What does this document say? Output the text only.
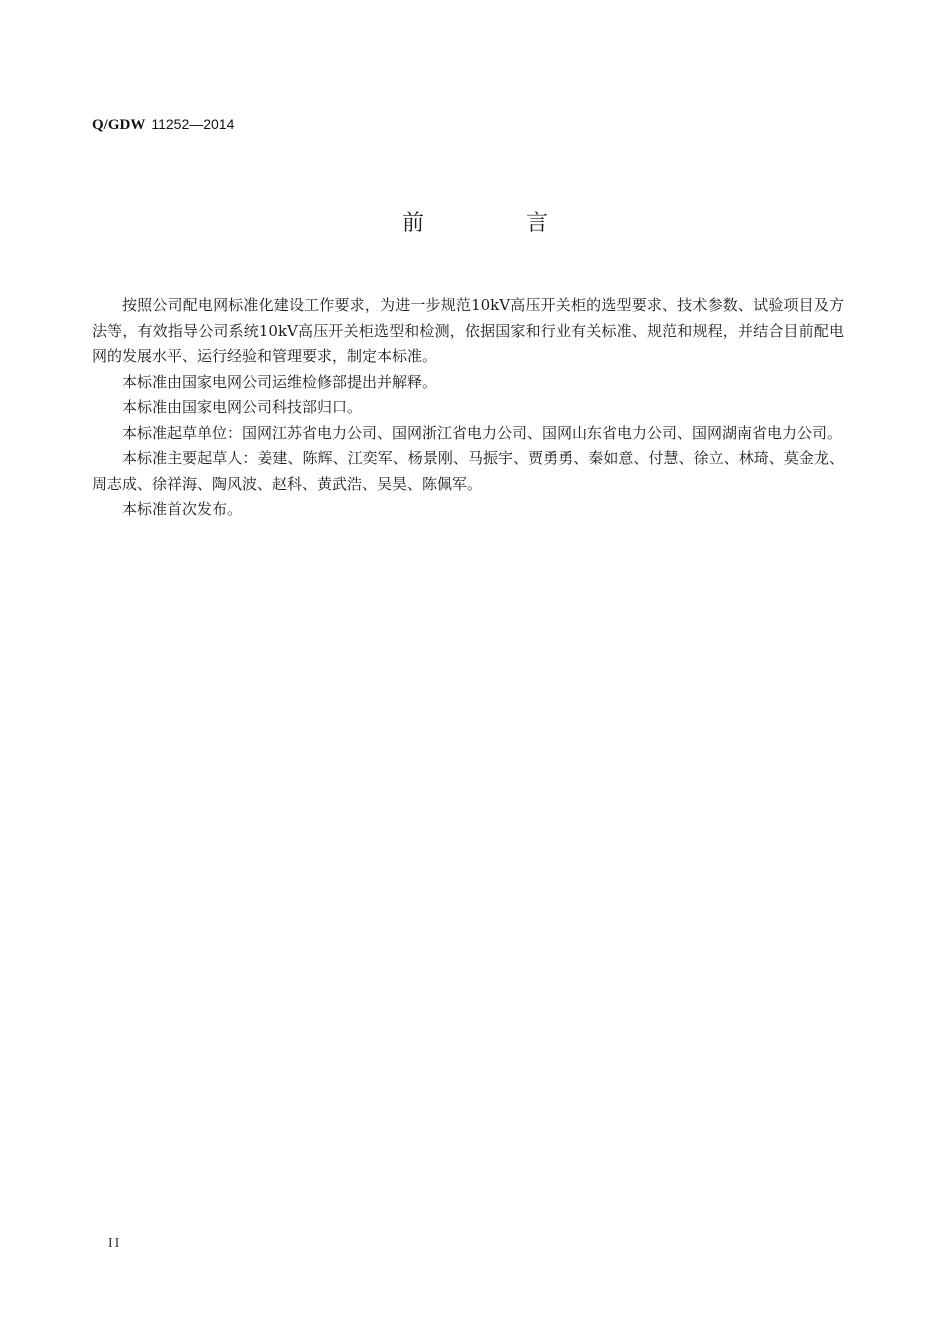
Q/GDW 11252—2014
前	言

按照公司配电网标准化建设工作要求，为进一步规范10kV高压开关柜的选型要求、技术参数、试验项目及方法等，有效指导公司系统10kV高压开关柜选型和检测，依据国家和行业有关标准、规范和规程，并结合目前配电网的发展水平、运行经验和管理要求，制定本标准。

本标准由国家电网公司运维检修部提出并解释。

本标准由国家电网公司科技部归口。

本标准起草单位：国网江苏省电力公司、国网浙江省电力公司、国网山东省电力公司、国网湖南省电力公司。

本标准主要起草人：姜建、陈辉、江奕军、杨景刚、马振宇、贾勇勇、秦如意、付慧、徐立、林琦、莫金龙、周志成、徐祥海、陶风波、赵科、黄武浩、吴昊、陈佩军。

本标准首次发布。

II
